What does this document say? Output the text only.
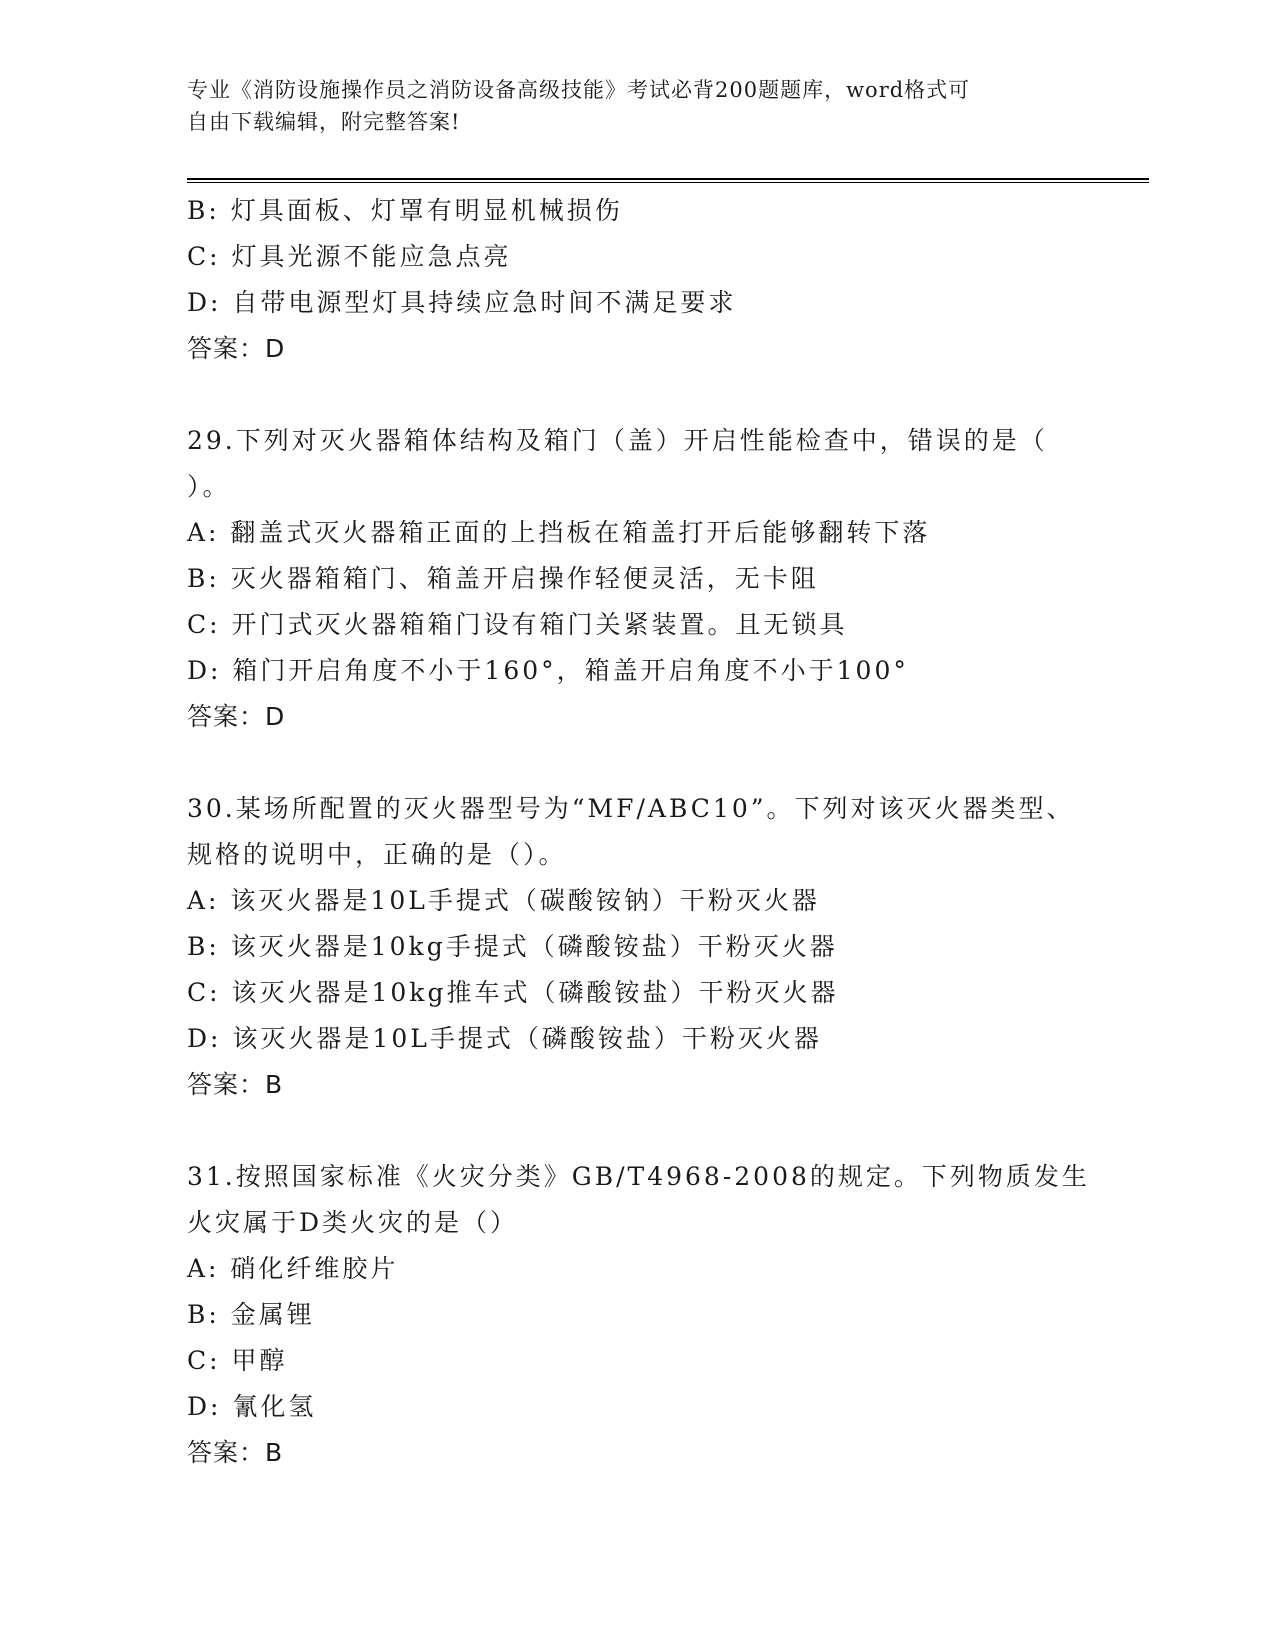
专业《消防设施操作员之消防设备高级技能》考试必背200题题库，word格式可
自由下载编辑，附完整答案!
B: 灯具面板、灯罩有明显机械损伤
C: 灯具光源不能应急点亮
D: 自带电源型灯具持续应急时间不满足要求
答案：D
29.下列对灭火器箱体结构及箱门（盖）开启性能检查中，错误的是（
）。
A: 翻盖式灭火器箱正面的上挡板在箱盖打开后能够翻转下落
B: 灭火器箱箱门、箱盖开启操作轻便灵活，无卡阻
C: 开门式灭火器箱箱门设有箱门关紧装置。且无锁具
D: 箱门开启角度不小于160°，箱盖开启角度不小于100°
答案：D
30.某场所配置的灭火器型号为“MF/ABC10”。下列对该灭火器类型、
规格的说明中，正确的是（）。
A: 该灭火器是10L手提式（碳酸铵钠）干粉灭火器
B: 该灭火器是10kg手提式（磷酸铵盐）干粉灭火器
C: 该灭火器是10kg推车式（磷酸铵盐）干粉灭火器
D: 该灭火器是10L手提式（磷酸铵盐）干粉灭火器
答案：B
31.按照国家标准《火灾分类》GB/T4968-2008的规定。下列物质发生
火灾属于D类火灾的是（）
A: 硝化纤维胶片
B: 金属锂
C: 甲醇
D: 氰化氢
答案：B
